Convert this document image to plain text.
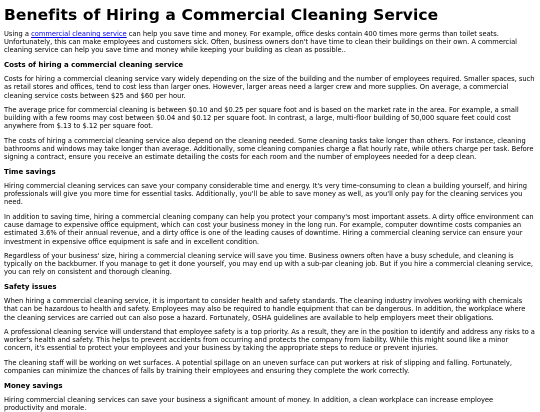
Benefits of Hiring a Commercial Cleaning Service

Using a commercial cleaning service can help you save time and money. For example, office desks contain 400 times more germs than toilet seats. Unfortunately, this can make employees and customers sick. Often, business owners don't have time to clean their buildings on their own. A commercial cleaning service can help you save time and money while keeping your building as clean as possible..

Costs of hiring a commercial cleaning service

Costs for hiring a commercial cleaning service vary widely depending on the size of the building and the number of employees required. Smaller spaces, such as retail stores and offices, tend to cost less than larger ones. However, larger areas need a larger crew and more supplies. On average, a commercial cleaning service costs between $25 and $60 per hour.

The average price for commercial cleaning is between $0.10 and $0.25 per square foot and is based on the market rate in the area. For example, a small building with a few rooms may cost between $0.04 and $0.12 per square foot. In contrast, a large, multi-floor building of 50,000 square feet could cost anywhere from $.13 to $.12 per square foot.

The costs of hiring a commercial cleaning service also depend on the cleaning needed. Some cleaning tasks take longer than others. For instance, cleaning bathrooms and windows may take longer than average. Additionally, some cleaning companies charge a flat hourly rate, while others charge per task. Before signing a contract, ensure you receive an estimate detailing the costs for each room and the number of employees needed for a deep clean.

Time savings

Hiring commercial cleaning services can save your company considerable time and energy. It's very time-consuming to clean a building yourself, and hiring professionals will give you more time for essential tasks. Additionally, you'll be able to save money as well, as you'll only pay for the cleaning services you need.

In addition to saving time, hiring a commercial cleaning company can help you protect your company's most important assets. A dirty office environment can cause damage to expensive office equipment, which can cost your business money in the long run. For example, computer downtime costs companies an estimated 3.6% of their annual revenue, and a dirty office is one of the leading causes of downtime. Hiring a commercial cleaning service can ensure your investment in expensive office equipment is safe and in excellent condition.

Regardless of your business' size, hiring a commercial cleaning service will save you time. Business owners often have a busy schedule, and cleaning is typically on the backburner. If you manage to get it done yourself, you may end up with a sub-par cleaning job. But if you hire a commercial cleaning service, you can rely on consistent and thorough cleaning.

Safety issues

When hiring a commercial cleaning service, it is important to consider health and safety standards. The cleaning industry involves working with chemicals that can be hazardous to health and safety. Employees may also be required to handle equipment that can be dangerous. In addition, the workplace where the cleaning services are carried out can also pose a hazard. Fortunately, OSHA guidelines are available to help employers meet their obligations.

A professional cleaning service will understand that employee safety is a top priority. As a result, they are in the position to identify and address any risks to a worker's health and safety. This helps to prevent accidents from occurring and protects the company from liability. While this might sound like a minor concern, it's essential to protect your employees and your business by taking the appropriate steps to reduce or prevent injuries.

The cleaning staff will be working on wet surfaces. A potential spillage on an uneven surface can put workers at risk of slipping and falling. Fortunately, companies can minimize the chances of falls by training their employees and ensuring they complete the work correctly.

Money savings

Hiring commercial cleaning services can save your business a significant amount of money. In addition, a clean workplace can increase employee productivity and morale.
